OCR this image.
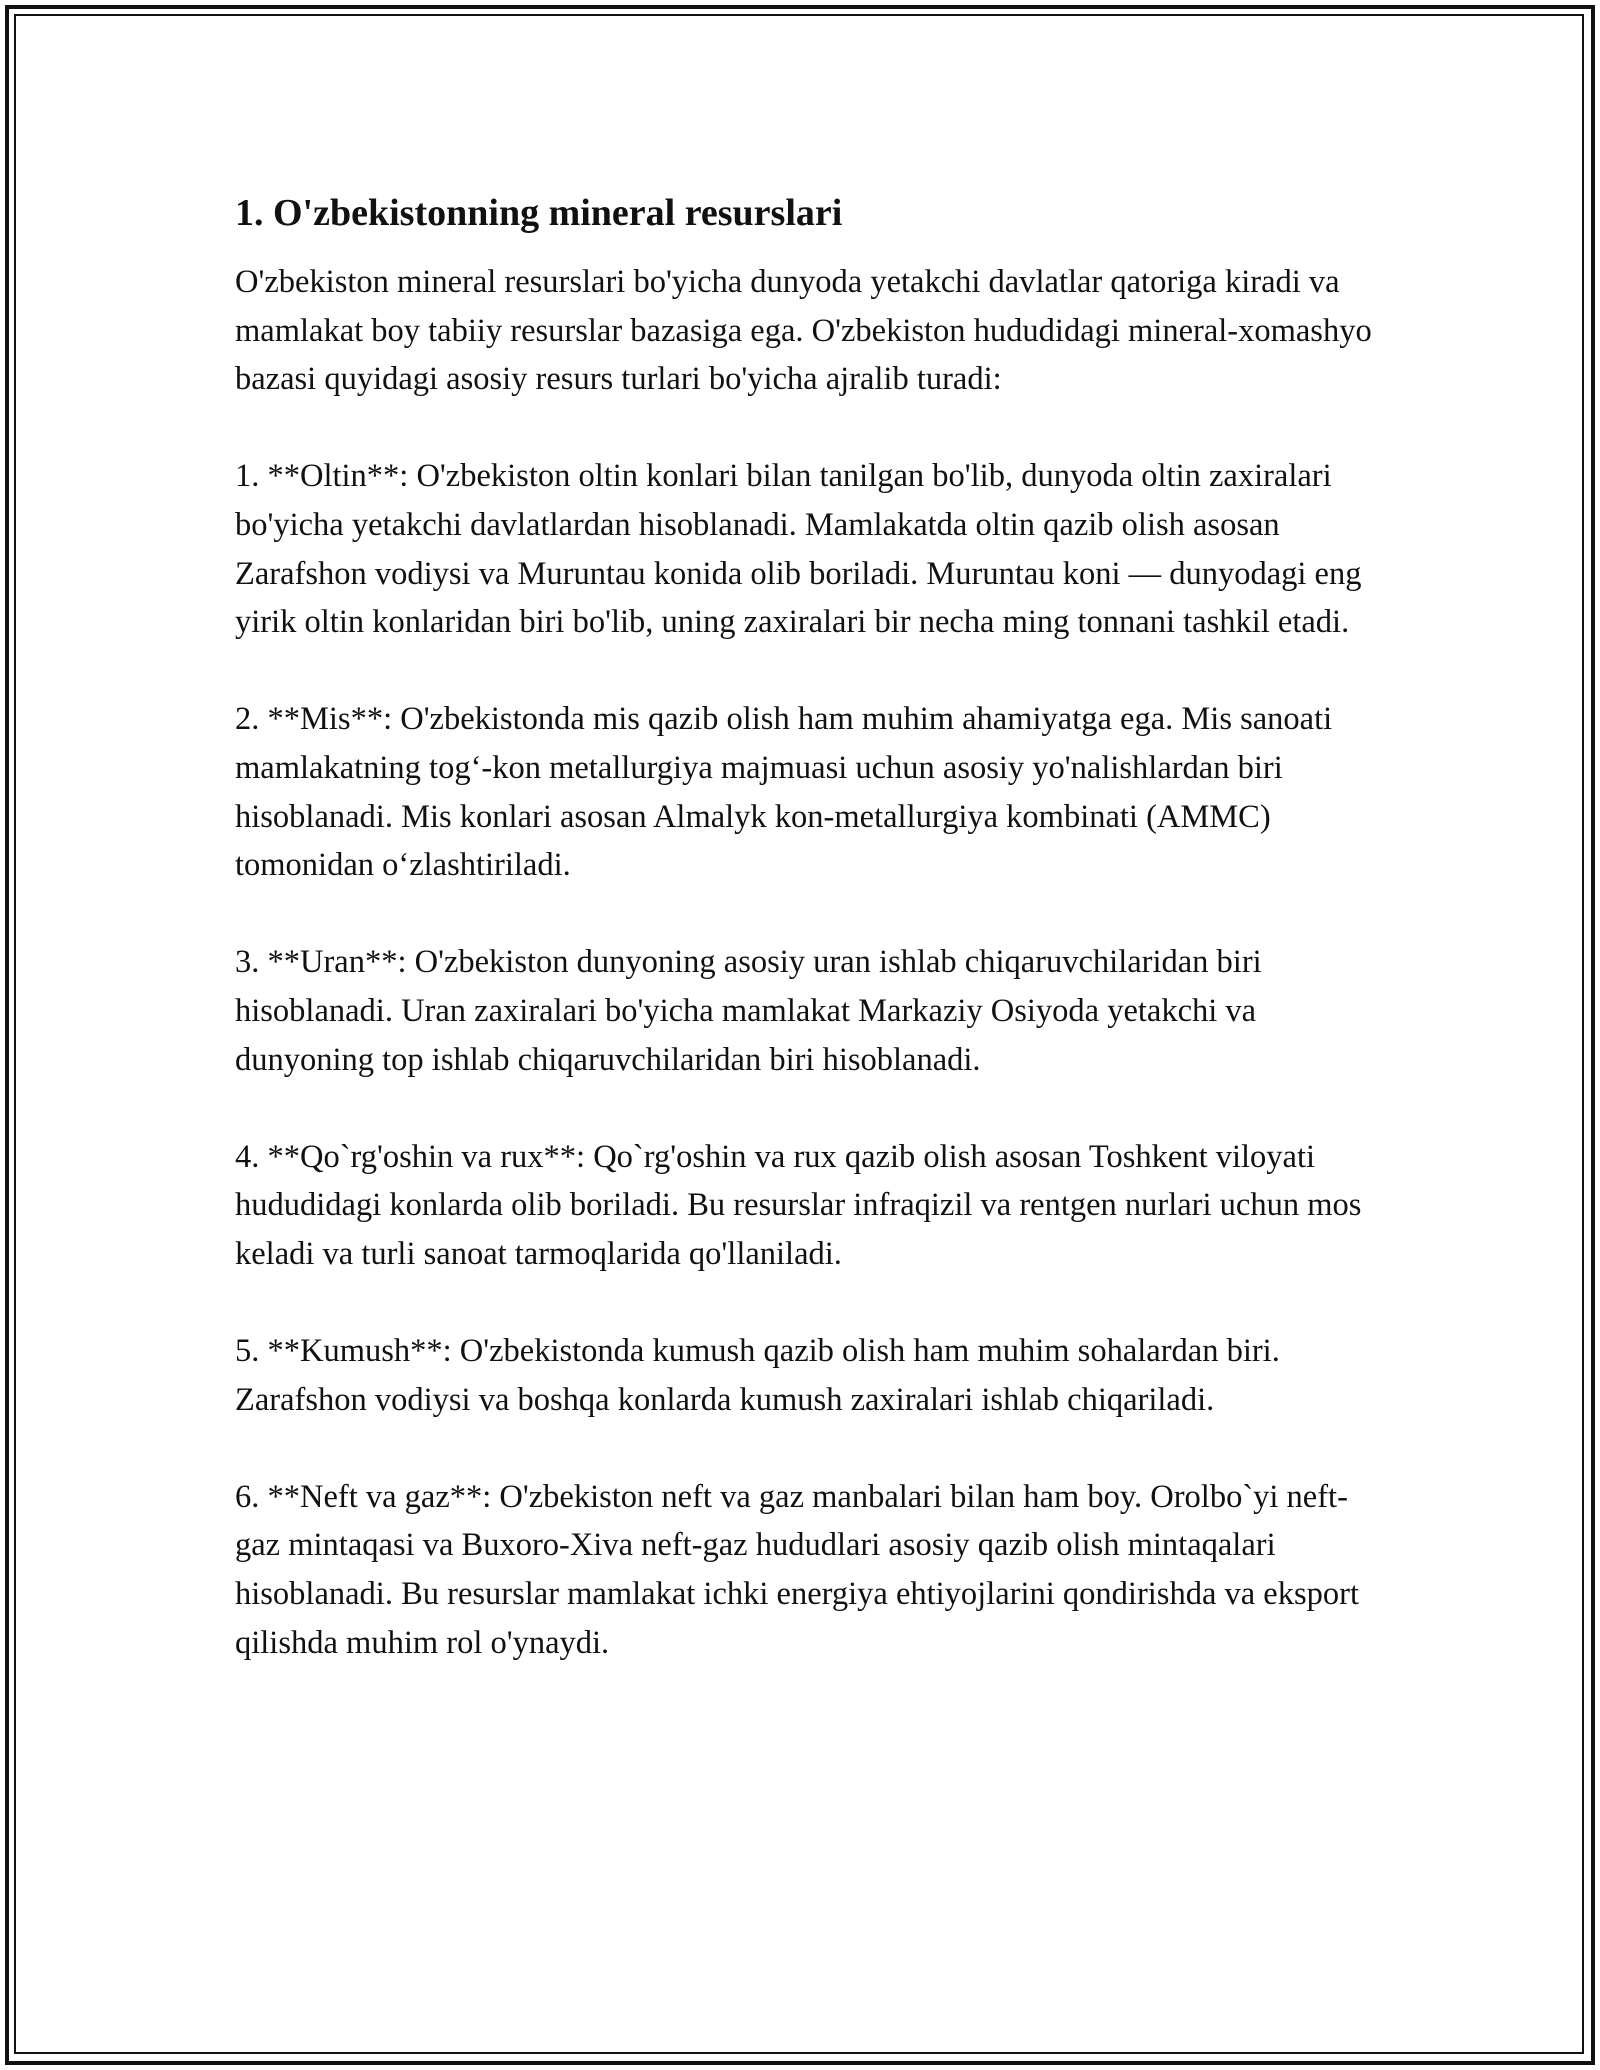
1. O'zbekistonning mineral resurslari

O'zbekiston mineral resurslari bo'yicha dunyoda yetakchi davlatlar qatoriga kiradi va mamlakat boy tabiiy resurslar bazasiga ega. O'zbekiston hududidagi mineral-xomashyo bazasi quyidagi asosiy resurs turlari bo'yicha ajralib turadi:

1. **Oltin**: O'zbekiston oltin konlari bilan tanilgan bo'lib, dunyoda oltin zaxiralari bo'yicha yetakchi davlatlardan hisoblanadi. Mamlakatda oltin qazib olish asosan Zarafshon vodiysi va Muruntau konida olib boriladi. Muruntau koni — dunyodagi eng yirik oltin konlaridan biri bo'lib, uning zaxiralari bir necha ming tonnani tashkil etadi.

2. **Mis**: O'zbekistonda mis qazib olish ham muhim ahamiyatga ega. Mis sanoati mamlakatning tog‘-kon metallurgiya majmuasi uchun asosiy yo'nalishlardan biri hisoblanadi. Mis konlari asosan Almalyk kon-metallurgiya kombinati (AMMC) tomonidan o‘zlashtiriladi.

3. **Uran**: O'zbekiston dunyoning asosiy uran ishlab chiqaruvchilaridan biri hisoblanadi. Uran zaxiralari bo'yicha mamlakat Markaziy Osiyoda yetakchi va dunyoning top ishlab chiqaruvchilaridan biri hisoblanadi.

4. **Qo`rg'oshin va rux**: Qo`rg'oshin va rux qazib olish asosan Toshkent viloyati hududidagi konlarda olib boriladi. Bu resurslar infraqizil va rentgen nurlari uchun mos keladi va turli sanoat tarmoqlarida qo'llaniladi.

5. **Kumush**: O'zbekistonda kumush qazib olish ham muhim sohalardan biri. Zarafshon vodiysi va boshqa konlarda kumush zaxiralari ishlab chiqariladi.

6. **Neft va gaz**: O'zbekiston neft va gaz manbalari bilan ham boy. Orolbo`yi neft-gaz mintaqasi va Buxoro-Xiva neft-gaz hududlari asosiy qazib olish mintaqalari hisoblanadi. Bu resurslar mamlakat ichki energiya ehtiyojlarini qondirishda va eksport qilishda muhim rol o'ynaydi.
